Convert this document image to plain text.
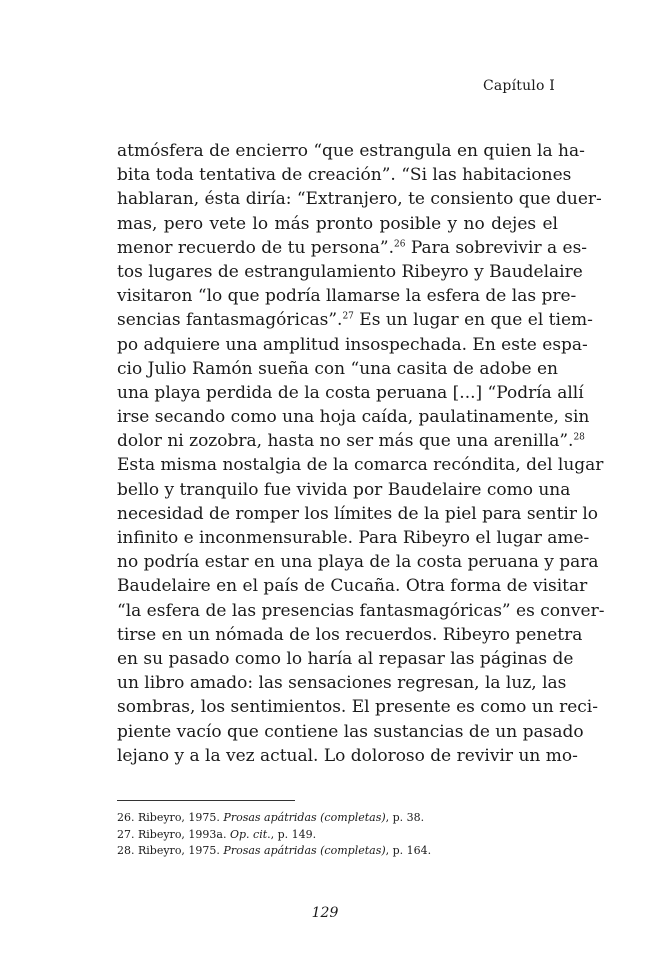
Capítulo I
atmósfera de encierro “que estrangula en quien la ha-
bita toda tentativa de creación”. “Si las habitaciones
hablaran, ésta diría: “Extranjero, te consiento que duer-
mas, pero vete lo más pronto posible y no dejes el
menor recuerdo de tu persona”.$^{26}$ Para sobrevivir a es-
tos lugares de estrangulamiento Ribeyro y Baudelaire
visitaron “lo que podría llamarse la esfera de las pre-
sencias fantasmagóricas”.$^{27}$ Es un lugar en que el tiem-
po adquiere una amplitud insospechada. En este espa-
cio Julio Ramón sueña con “una casita de adobe en
una playa perdida de la costa peruana [...] “Podría allí
irse secando como una hoja caída, paulatinamente, sin
dolor ni zozobra, hasta no ser más que una arenilla”.$^{28}$
Esta misma nostalgia de la comarca recóndita, del lugar
bello y tranquilo fue vivida por Baudelaire como una
necesidad de romper los límites de la piel para sentir lo
infinito e inconmensurable. Para Ribeyro el lugar ame-
no podría estar en una playa de la costa peruana y para
Baudelaire en el país de Cucaña. Otra forma de visitar
“la esfera de las presencias fantasmagóricas” es conver-
tirse en un nómada de los recuerdos. Ribeyro penetra
en su pasado como lo haría al repasar las páginas de
un libro amado: las sensaciones regresan, la luz, las
sombras, los sentimientos. El presente es como un reci-
piente vacío que contiene las sustancias de un pasado
lejano y a la vez actual. Lo doloroso de revivir un mo-
26. Ribeyro, 1975. Prosas apátridas (completas), p. 38.
27. Ribeyro, 1993a. Op. cit., p. 149.
28. Ribeyro, 1975. Prosas apátridas (completas), p. 164.
129
